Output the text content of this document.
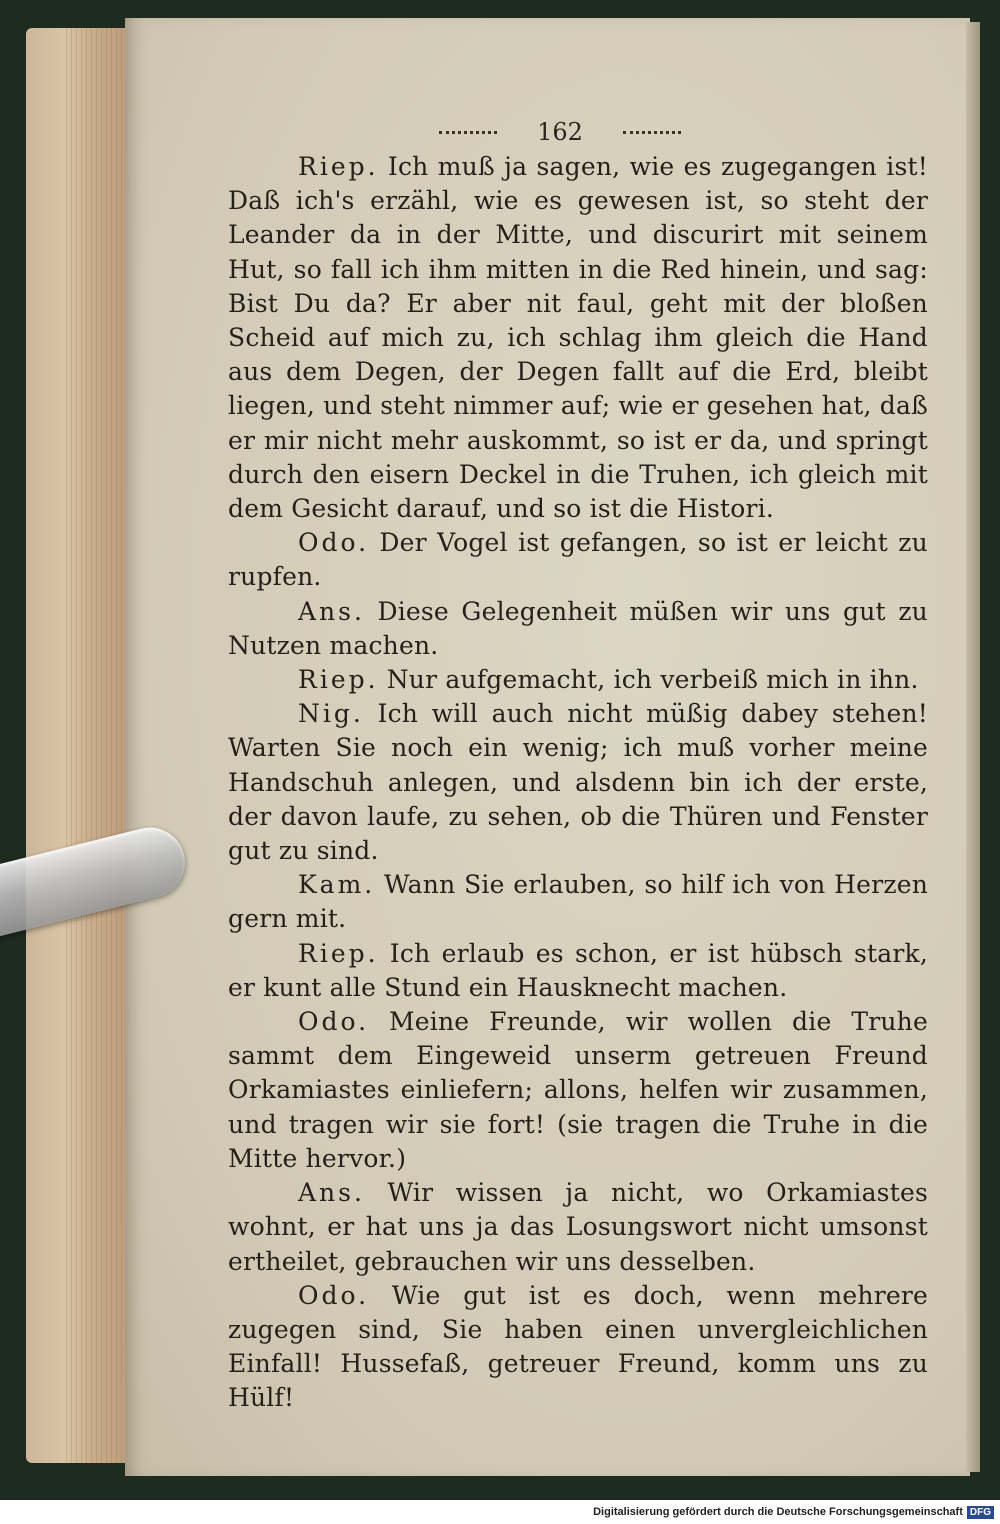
162

Riep. Ich muß ja sagen, wie es zugegangen ist! Daß ich's erzähl, wie es gewesen ist, so steht der Leander da in der Mitte, und discurirt mit seinem Hut, so fall ich ihm mitten in die Red hinein, und sag: Bist Du da? Er aber nit faul, geht mit der bloßen Scheid auf mich zu, ich schlag ihm gleich die Hand aus dem Degen, der Degen fallt auf die Erd, bleibt liegen, und steht nimmer auf; wie er gesehen hat, daß er mir nicht mehr auskommt, so ist er da, und springt durch den eisern Deckel in die Truhen, ich gleich mit dem Gesicht darauf, und so ist die Histori.

Odo. Der Vogel ist gefangen, so ist er leicht zu rupfen.

Ans. Diese Gelegenheit müßen wir uns gut zu Nutzen machen.

Riep. Nur aufgemacht, ich verbeiß mich in ihn.

Nig. Ich will auch nicht müßig dabey stehen! Warten Sie noch ein wenig; ich muß vorher meine Handschuh anlegen, und alsdenn bin ich der erste, der davon laufe, zu sehen, ob die Thüren und Fenster gut zu sind.

Kam. Wann Sie erlauben, so hilf ich von Herzen gern mit.

Riep. Ich erlaub es schon, er ist hübsch stark, er kunt alle Stund ein Hausknecht machen.

Odo. Meine Freunde, wir wollen die Truhe sammt dem Eingeweid unserm getreuen Freund Orkamiastes einliefern; allons, helfen wir zusammen, und tragen wir sie fort! (sie tragen die Truhe in die Mitte hervor.)

Ans. Wir wissen ja nicht, wo Orkamiastes wohnt, er hat uns ja das Losungswort nicht umsonst ertheilet, gebrauchen wir uns desselben.

Odo. Wie gut ist es doch, wenn mehrere zugegen sind, Sie haben einen unvergleichlichen Einfall! Hussefaß, getreuer Freund, komm uns zu Hülf!

Digitalisierung gefördert durch die Deutsche Forschungsgemeinschaft DFG
